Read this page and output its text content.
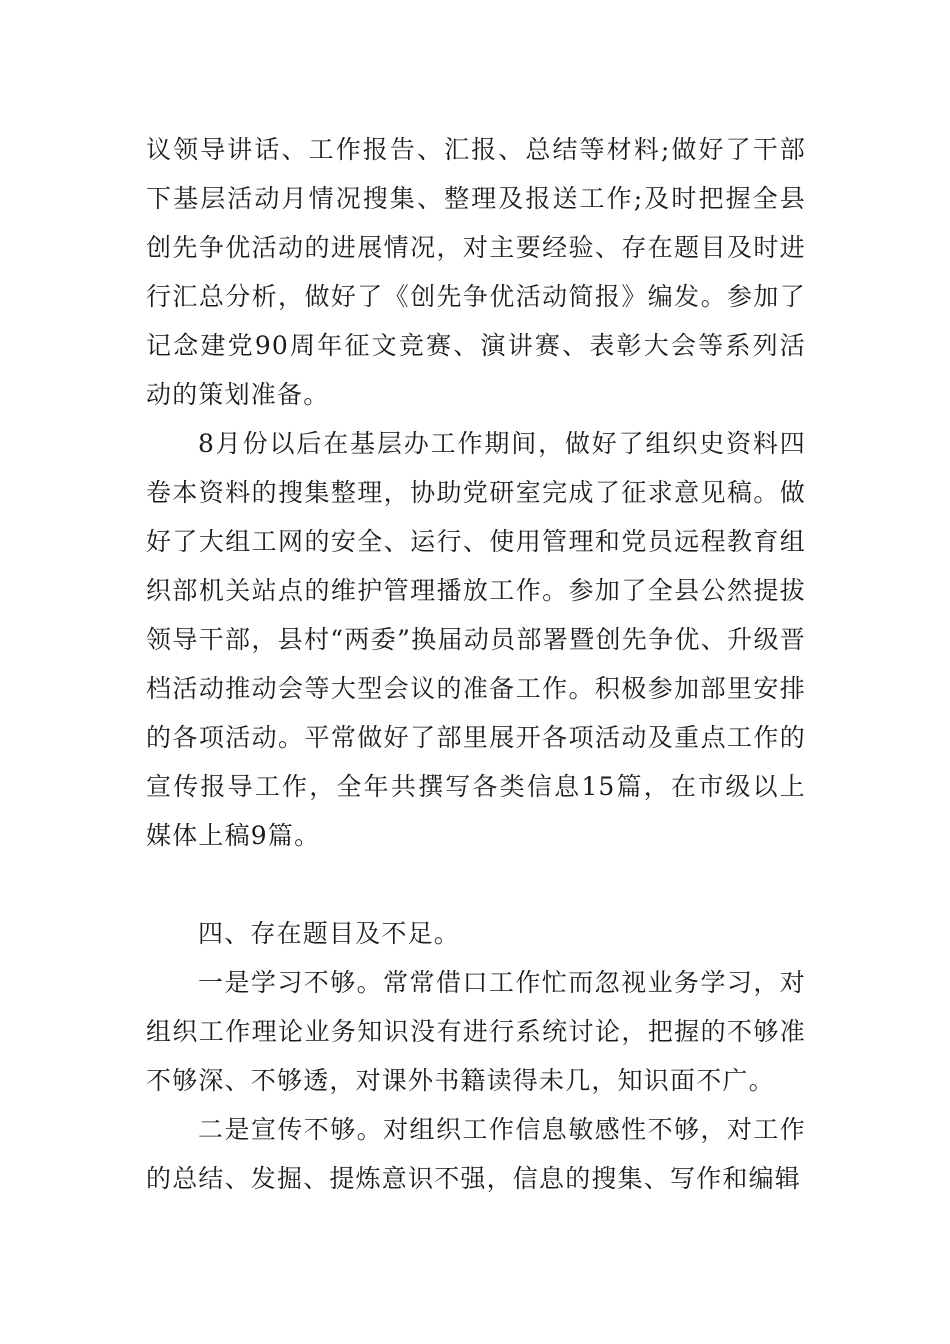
议领导讲话、工作报告、汇报、总结等材料;做好了干部下基层活动月情况搜集、整理及报送工作;及时把握全县创先争优活动的进展情况，对主要经验、存在题目及时进行汇总分析，做好了《创先争优活动简报》编发。参加了记念建党90周年征文竞赛、演讲赛、表彰大会等系列活动的策划准备。

8月份以后在基层办工作期间，做好了组织史资料四卷本资料的搜集整理，协助党研室完成了征求意见稿。做好了大组工网的安全、运行、使用管理和党员远程教育组织部机关站点的维护管理播放工作。参加了全县公然提拔领导干部，县村“两委”换届动员部署暨创先争优、升级晋档活动推动会等大型会议的准备工作。积极参加部里安排的各项活动。平常做好了部里展开各项活动及重点工作的宣传报导工作，全年共撰写各类信息15篇，在市级以上媒体上稿9篇。

四、存在题目及不足。

一是学习不够。常常借口工作忙而忽视业务学习，对组织工作理论业务知识没有进行系统讨论，把握的不够准不够深、不够透，对课外书籍读得未几，知识面不广。

二是宣传不够。对组织工作信息敏感性不够，对工作的总结、发掘、提炼意识不强，信息的搜集、写作和编辑
